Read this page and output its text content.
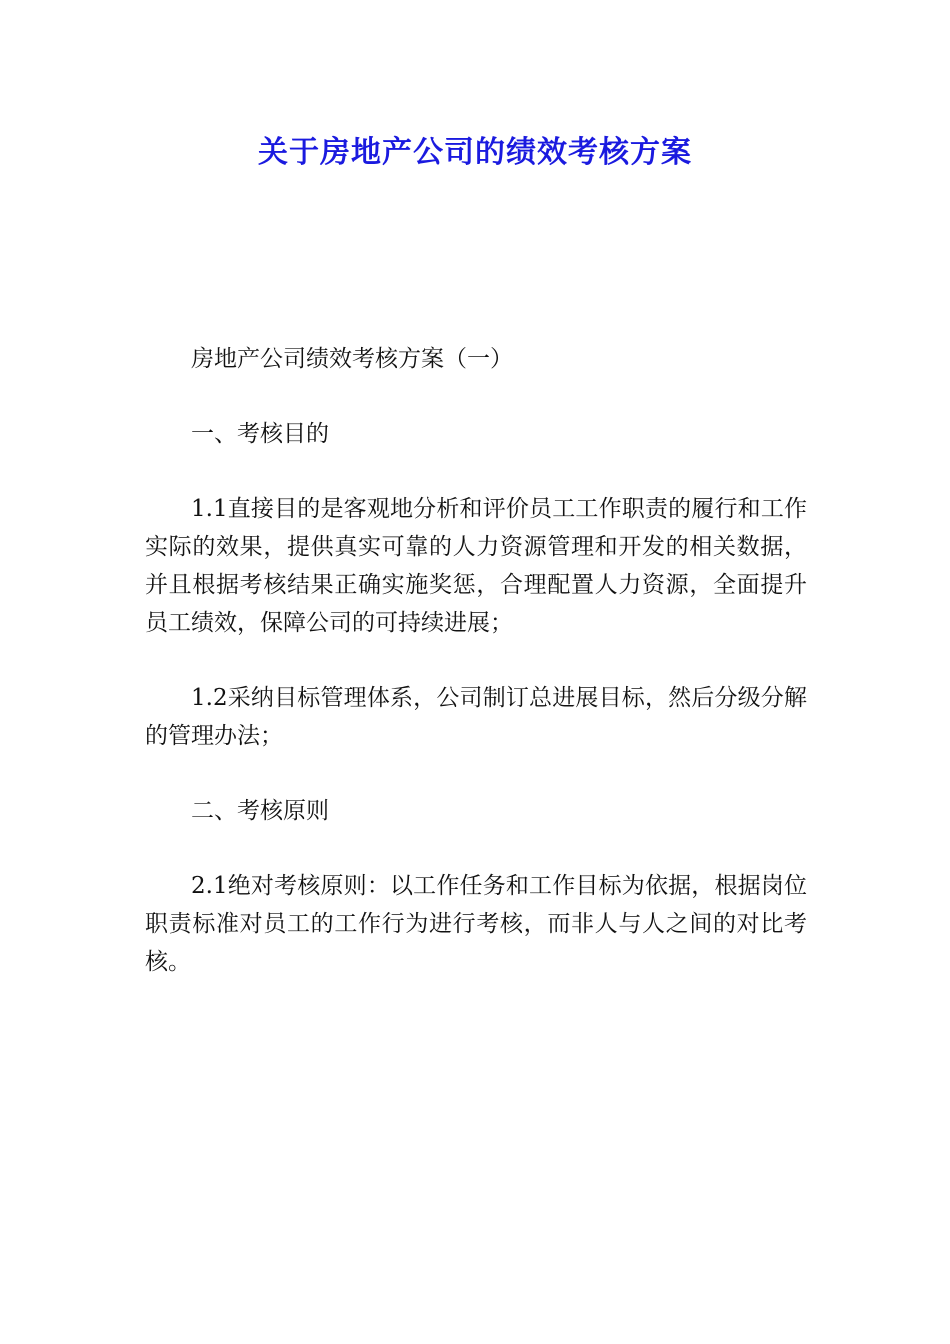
关于房地产公司的绩效考核方案

房地产公司绩效考核方案（一）

一、考核目的

1.1直接目的是客观地分析和评价员工工作职责的履行和工作实际的效果，提供真实可靠的人力资源管理和开发的相关数据，并且根据考核结果正确实施奖惩，合理配置人力资源，全面提升员工绩效，保障公司的可持续进展；

1.2采纳目标管理体系，公司制订总进展目标，然后分级分解的管理办法；

二、考核原则

2.1绝对考核原则：以工作任务和工作目标为依据，根据岗位职责标准对员工的工作行为进行考核，而非人与人之间的对比考核。
